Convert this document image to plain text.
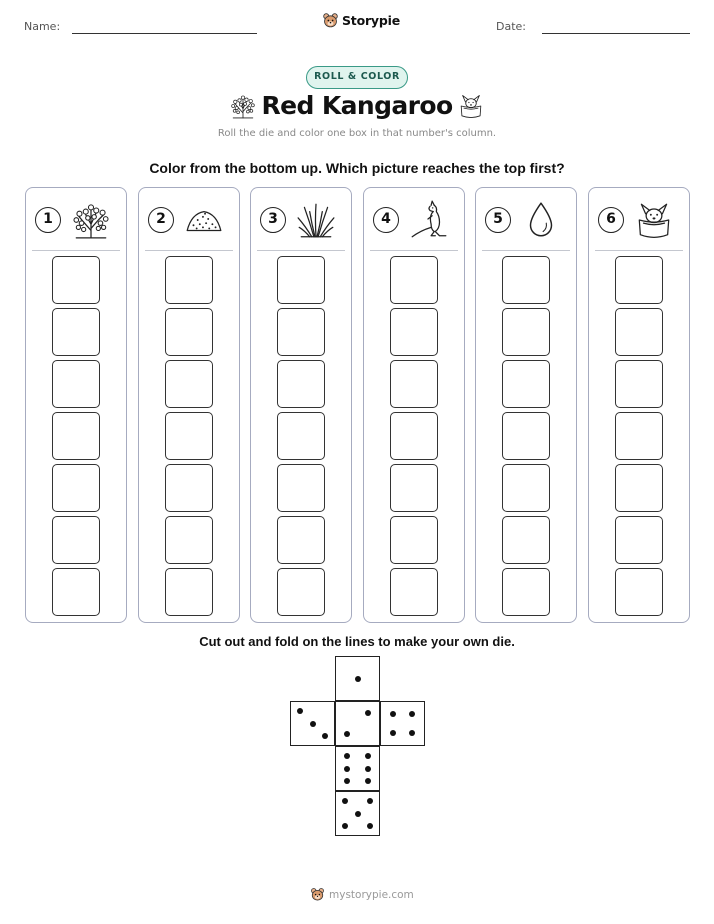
Name:	Storypie	Date:
ROLL & COLOR
Red Kangaroo
Roll the die and color one box in that number's column.
Color from the bottom up. Which picture reaches the top first?
1	2	3	4	5	6
Cut out and fold on the lines to make your own die.
mystorypie.com
